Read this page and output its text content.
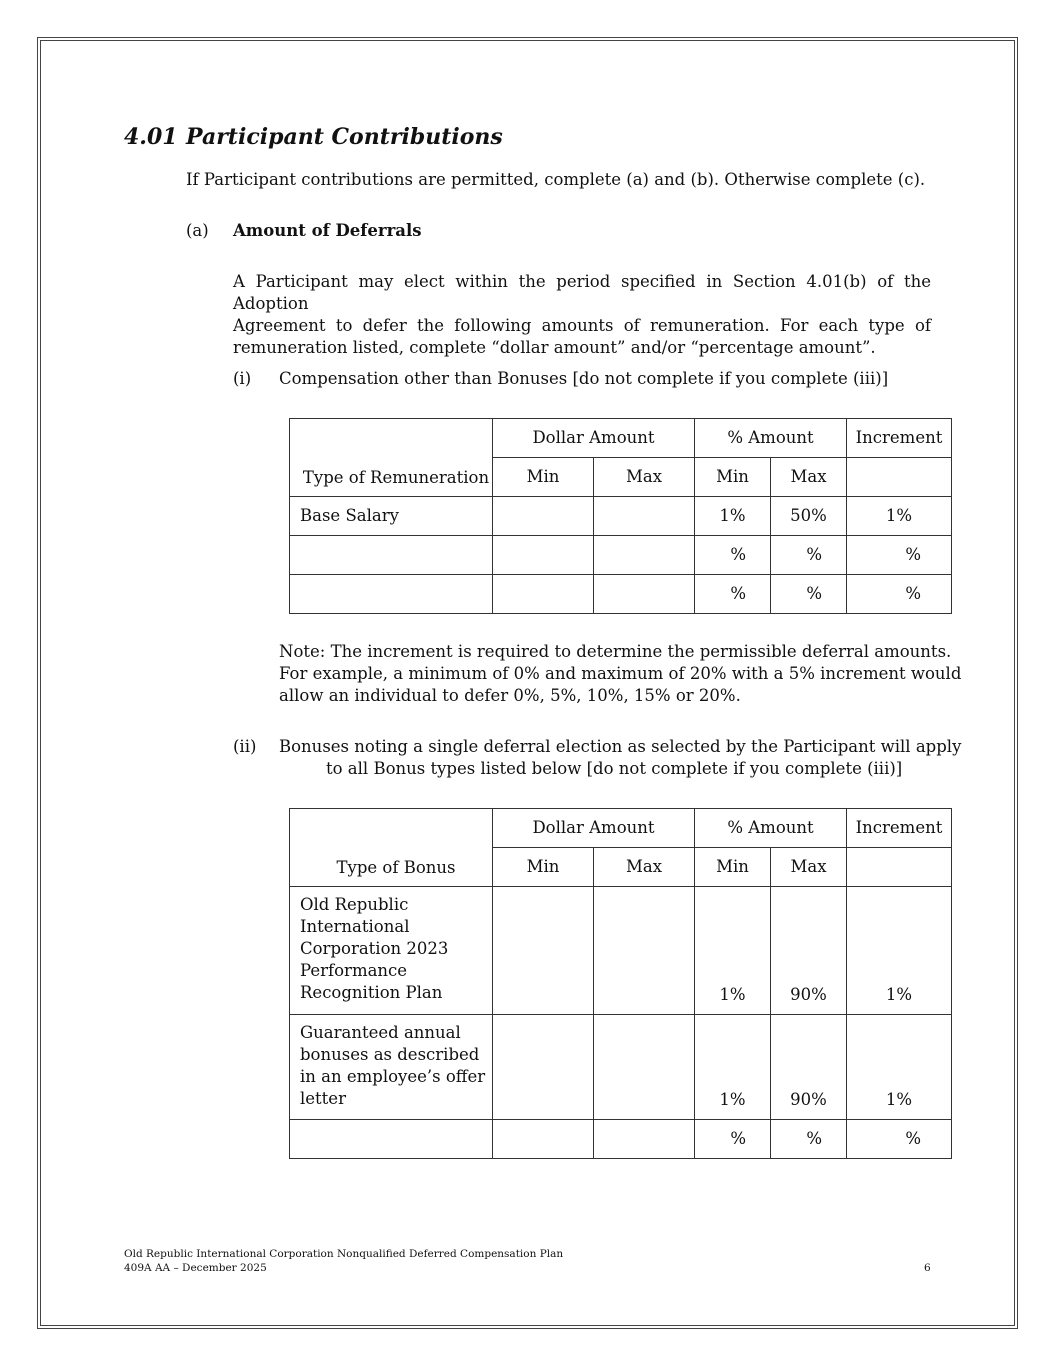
4.01 Participant Contributions
If Participant contributions are permitted, complete (a) and (b). Otherwise complete (c).
(a) Amount of Deferrals
A Participant may elect within the period specified in Section 4.01(b) of the Adoption
Agreement to defer the following amounts of remuneration. For each type of
remuneration listed, complete “dollar amount” and/or “percentage amount”.
(i) Compensation other than Bonuses [do not complete if you complete (iii)]
Type of Remuneration	Dollar Amount		% Amount		Increment
	Min	Max	Min	Max	
Base Salary			1%	50%	1%
			%	%	%
			%	%	%
Note: The increment is required to determine the permissible deferral amounts.
For example, a minimum of 0% and maximum of 20% with a 5% increment would
allow an individual to defer 0%, 5%, 10%, 15% or 20%.
(ii) Bonuses noting a single deferral election as selected by the Participant will apply
to all Bonus types listed below [do not complete if you complete (iii)]
Type of Bonus	Dollar Amount		% Amount		Increment
	Min	Max	Min	Max	

Old Republic
International
Corporation 2023
Performance
Recognition Plan			1%	90%	1%

Guaranteed annual
bonuses as described
in an employee’s offer
letter			1%	90%	1%
			%	%	%
Old Republic International Corporation Nonqualified Deferred Compensation Plan
409A AA – December 2025	6
